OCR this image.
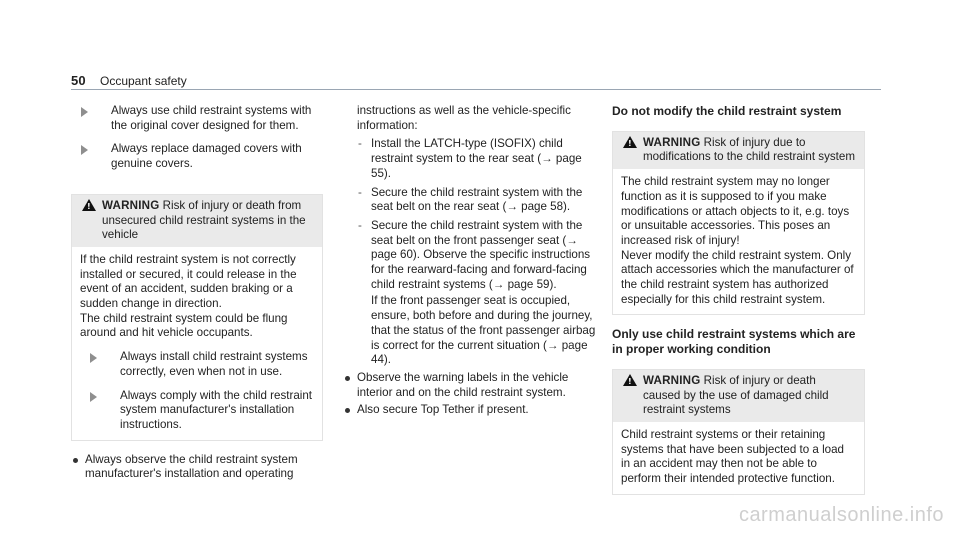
50 Occupant safety
Always use child restraint systems with the original cover designed for them.
Always replace damaged covers with genuine covers.
!
WARNING Risk of injury or death from unsecured child restraint systems in the vehicle

If the child restraint system is not correctly installed or secured, it could release in the event of an accident, sudden braking or a sudden change in direction.

The child restraint system could be flung around and hit vehicle occupants.

Always install child restraint systems correctly, even when not in use.
Always comply with the child restraint system manufacturer's installation instructions.
Always observe the child restraint system manufacturer's installation and operating
instructions as well as the vehicle-specific information:
- Install the LATCH-type (ISOFIX) child restraint system to the rear seat (→ page 55).
- Secure the child restraint system with the seat belt on the rear seat (→ page 58).
- Secure the child restraint system with the seat belt on the front passenger seat (→ page 60). Observe the specific instructions for the rearward-facing and forward-facing child restraint systems (→ page 59).
If the front passenger seat is occupied, ensure, both before and during the journey, that the status of the front passenger airbag is correct for the current situation (→ page 44).
Observe the warning labels in the vehicle interior and on the child restraint system.
Also secure Top Tether if present.
Do not modify the child restraint system
!
WARNING Risk of injury due to modifications to the child restraint system

The child restraint system may no longer function as it is supposed to if you make modifications or attach objects to it, e.g. toys or unsuitable accessories. This poses an increased risk of injury!

Never modify the child restraint system. Only attach accessories which the manufacturer of the child restraint system has authorized especially for this child restraint system.

Only use child restraint systems which are in proper working condition
!
WARNING Risk of injury or death caused by the use of damaged child restraint systems

Child restraint systems or their retaining systems that have been subjected to a load in an accident may then not be able to perform their intended protective function.

carmanualsonline.info
